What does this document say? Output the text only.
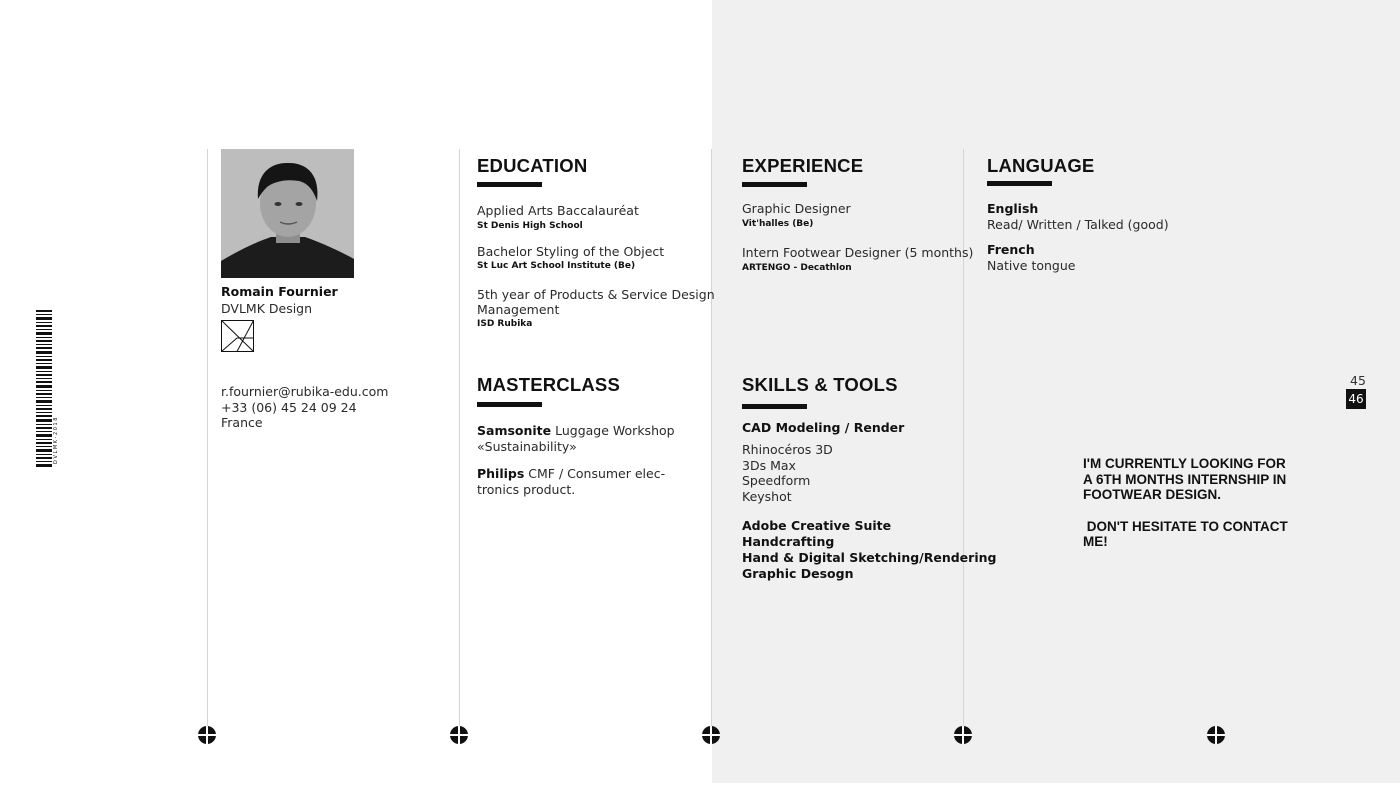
D V L M K - 2 0 1 8
Romain Fournier
DVLMK Design
r.fournier@rubika-edu.com
+33 (06) 45 24 09 24
France
EDUCATION
Applied Arts Baccalauréat
St Denis High School
Bachelor Styling of the Object
St Luc Art School Institute (Be)
5th year of Products & Service Design
Management
ISD Rubika
MASTERCLASS
Samsonite Luggage Workshop
«Sustainability»
Philips CMF / Consumer elec-
tronics product.
EXPERIENCE
Graphic Designer
Vit'halles (Be)
Intern Footwear Designer (5 months)
ARTENGO - Decathlon
SKILLS & TOOLS
CAD Modeling / Render
Rhinocéros 3D
3Ds Max
Speedform
Keyshot
Adobe Creative Suite
Handcrafting
Hand & Digital Sketching/Rendering
Graphic Desogn
LANGUAGE
English
Read/ Written / Talked (good)
French
Native tongue
I'M CURRENTLY LOOKING FOR
A 6TH MONTHS INTERNSHIP IN
FOOTWEAR DESIGN.
DON'T HESITATE TO CONTACT
ME!
45
46
